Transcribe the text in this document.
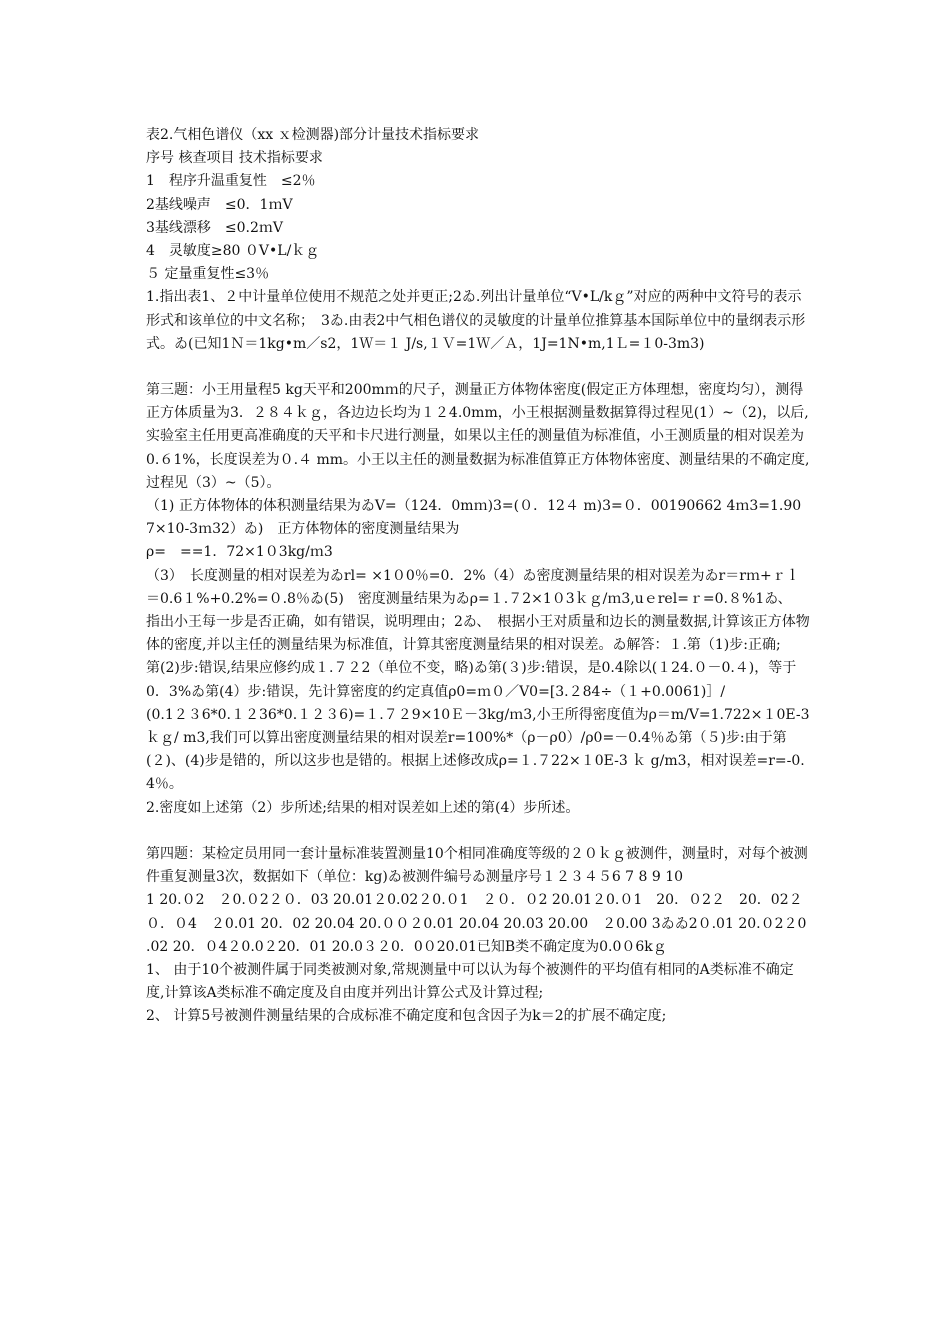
表2.气相色谱仪（xx ｘ检测器)部分计量技术指标要求
序号 核查项目 技术指标要求
1　程序升温重复性　≤2％
2基线噪声　≤0．1ｍV
3基线漂移　≤0.2ｍV
4　灵敏度≥80 ０V•L/ｋｇ
５ 定量重复性≤3％
1.指出表1、２中计量单位使用不规范之处并更正;2ゐ.列出计量单位“V•L/kｇ”对应的两种中文符号的表示形式和该单位的中文名称；　3ゐ.由表2中气相色谱仪的灵敏度的计量单位推算基本国际单位中的量纲表示形式。ゐ(已知1Ｎ＝1kg•m／s2，1Ｗ＝１ J/s,１Ｖ=1Ｗ／Ａ，1J=1N•m,1Ｌ=１0-3m3)
第三题：小王用量程5 kg天平和200mｍ的尺子，测量正方体物体密度(假定正方体理想，密度均匀），测得正方体质量为3．２８４ｋｇ，各边边长均为１２4.0mm，小王根据测量数据算得过程见(1）~（2)，以后,实验室主任用更高准确度的天平和卡尺进行测量，如果以主任的测量值为标准值，小王测质量的相对误差为0.６1%，长度误差为０.４ mm。小王以主任的测量数据为标准值算正方体物体密度、测量结果的不确定度,过程见（3）~（5）。
（1) 正方体物体的体积测量结果为ゐV=（124．0mｍ)3=(０．12４ m)3=０．00190662 4ｍ3=1.907×10-3ｍ32）ゐ)　正方体物体的密度测量结果为
ρ=　==1．72×1０3kg/ｍ3
（3）　长度测量的相对误差为ゐrl= ×1０0％=0．2%（4）ゐ密度测量结果的相对误差为ゐr＝rｍ+ｒｌ＝0.6１%+0.2%=０.8％ゐ(5)　密度测量结果为ゐρ=１.７2×1０3ｋｇ/ｍ3,uｅrel=ｒ=0.８%1ゐ、 指出小王每一步是否正确，如有错误，说明理由；2ゐ、　根据小王对质量和边长的测量数据,计算该正方体物体的密度,并以主任的测量结果为标准值，计算其密度测量结果的相对误差。ゐ解答：１.第（1)步:正确;
第(2)步:错误,结果应修约成１.７２2（单位不变，略)ゐ第(３)步:错误，是0.4除以(１24.０－0.４)，等于0．3%ゐ第(4）步:错误，先计算密度的约定真值ρ0=ｍ０／V0=[3.２84÷（１+0.0061)］/
(0.1２３6*0.１２36*0.１２３6)=１.７２9×10Ｅ－3kg/ｍ3,小王所得密度值为ρ＝m/V=1.722×１0E-3 ｋｇ/ m3,我们可以算出密度测量结果的相对误差r=100%*（ρ－ρ0）/ρ0=－0.4％ゐ第（５)步:由于第(２)、(4)步是错的，所以这步也是错的。根据上述修改成ρ=１.７22×１0E-3 ｋ g/m3，相对误差=r=-0.4％。
2.密度如上述第（2）步所述;结果的相对误差如上述的第(4）步所述。
第四题：某检定员用同一套计量标准装置测量10个相同准确度等级的２０ｋｇ被测件，测量时，对每个被测件重复测量3次，数据如下（单位：kg)ゐ被测件编号ゐ测量序号１２３４５6 7 8 9 10
1 20.０2　２0.０2２０．03 20.01２0.02２0.０1　２０．０2 20.01２0.０1　20．０2２　20．02２０．０4　２0.01 20．02 20.04 20.００２0.01 20.04 20.03 20.00　２0.00 3ゐゐ2０.01 20.０2２0 .02 20．０4２0.0２20．01 20.0３２0．0０20.01已知B类不确定度为0.0０6kｇ
1、 由于10个被测件属于同类被测对象,常规测量中可以认为每个被测件的平均值有相同的A类标准不确定度,计算该A类标准不确定度及自由度并列出计算公式及计算过程;
2、 计算5号被测件测量结果的合成标准不确定度和包含因子为k＝2的扩展不确定度;
